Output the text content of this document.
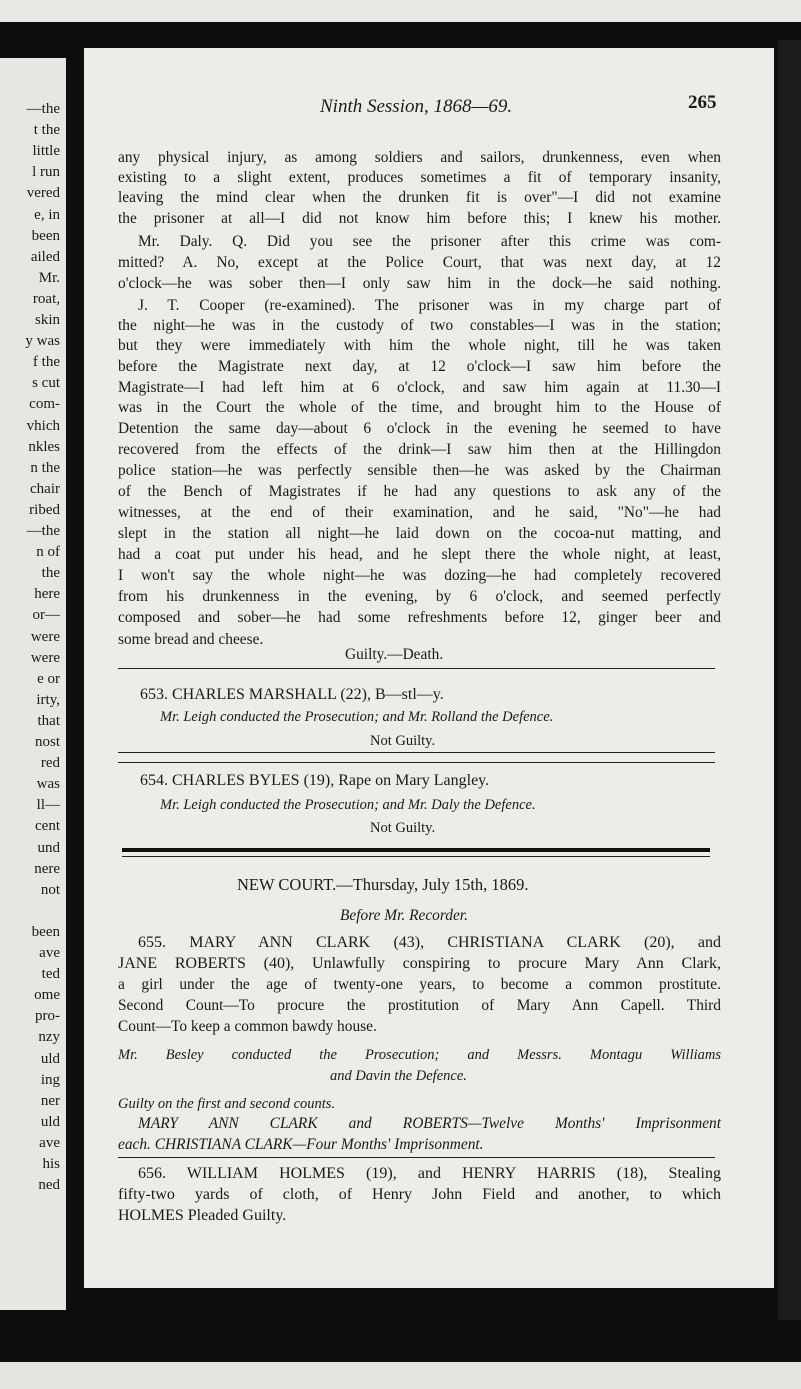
—the
t the
little
l run
vered
e, in
been
ailed
Mr.
roat,
skin
y was
f the
s cut
com-
vhich
nkles
n the
chair
ribed
—the
n of
the
here
or—
were
were
e or
irty,
that
nost
red
was
ll—
cent
und
nere
not
been
ave
ted
ome
pro-
nzy
uld
ing
ner
uld
ave
his
ned
Ninth Session, 1868—69.	265
any physical injury, as among soldiers and sailors, drunkenness, even when
existing to a slight extent, produces sometimes a fit of temporary insanity,
leaving the mind clear when the drunken fit is over"—I did not examine
the prisoner at all—I did not know him before this; I knew his mother.
Mr. Daly. Q. Did you see the prisoner after this crime was com-
mitted? A. No, except at the Police Court, that was next day, at 12
o'clock—he was sober then—I only saw him in the dock—he said nothing.
J. T. Cooper (re-examined). The prisoner was in my charge part of
the night—he was in the custody of two constables—I was in the station;
but they were immediately with him the whole night, till he was taken
before the Magistrate next day, at 12 o'clock—I saw him before the
Magistrate—I had left him at 6 o'clock, and saw him again at 11.30—I
was in the Court the whole of the time, and brought him to the House of
Detention the same day—about 6 o'clock in the evening he seemed to have
recovered from the effects of the drink—I saw him then at the Hillingdon
police station—he was perfectly sensible then—he was asked by the Chairman
of the Bench of Magistrates if he had any questions to ask any of the
witnesses, at the end of their examination, and he said, "No"—he had
slept in the station all night—he laid down on the cocoa-nut matting, and
had a coat put under his head, and he slept there the whole night, at least,
I won't say the whole night—he was dozing—he had completely recovered
from his drunkenness in the evening, by 6 o'clock, and seemed perfectly
composed and sober—he had some refreshments before 12, ginger beer and
some bread and cheese.
Guilty.—Death.
653. CHARLES MARSHALL (22), B—stl—y.
Mr. Leigh conducted the Prosecution; and Mr. Rolland the Defence.
Not Guilty.
654. CHARLES BYLES (19), Rape on Mary Langley.
Mr. Leigh conducted the Prosecution; and Mr. Daly the Defence.
Not Guilty.
NEW COURT.—Thursday, July 15th, 1869.
Before Mr. Recorder.
655. MARY ANN CLARK (43), CHRISTIANA CLARK (20), and
JANE ROBERTS (40), Unlawfully conspiring to procure Mary Ann Clark,
a girl under the age of twenty-one years, to become a common prostitute.
Second Count—To procure the prostitution of Mary Ann Capell. Third
Count—To keep a common bawdy house.
Mr. Besley conducted the Prosecution; and Messrs. Montagu Williams
and Davin the Defence.
Guilty on the first and second counts.
MARY ANN CLARK and ROBERTS—Twelve Months' Imprisonment
each. CHRISTIANA CLARK—Four Months' Imprisonment.
656. WILLIAM HOLMES (19), and HENRY HARRIS (18), Stealing
fifty-two yards of cloth, of Henry John Field and another, to which
HOLMES Pleaded Guilty.
